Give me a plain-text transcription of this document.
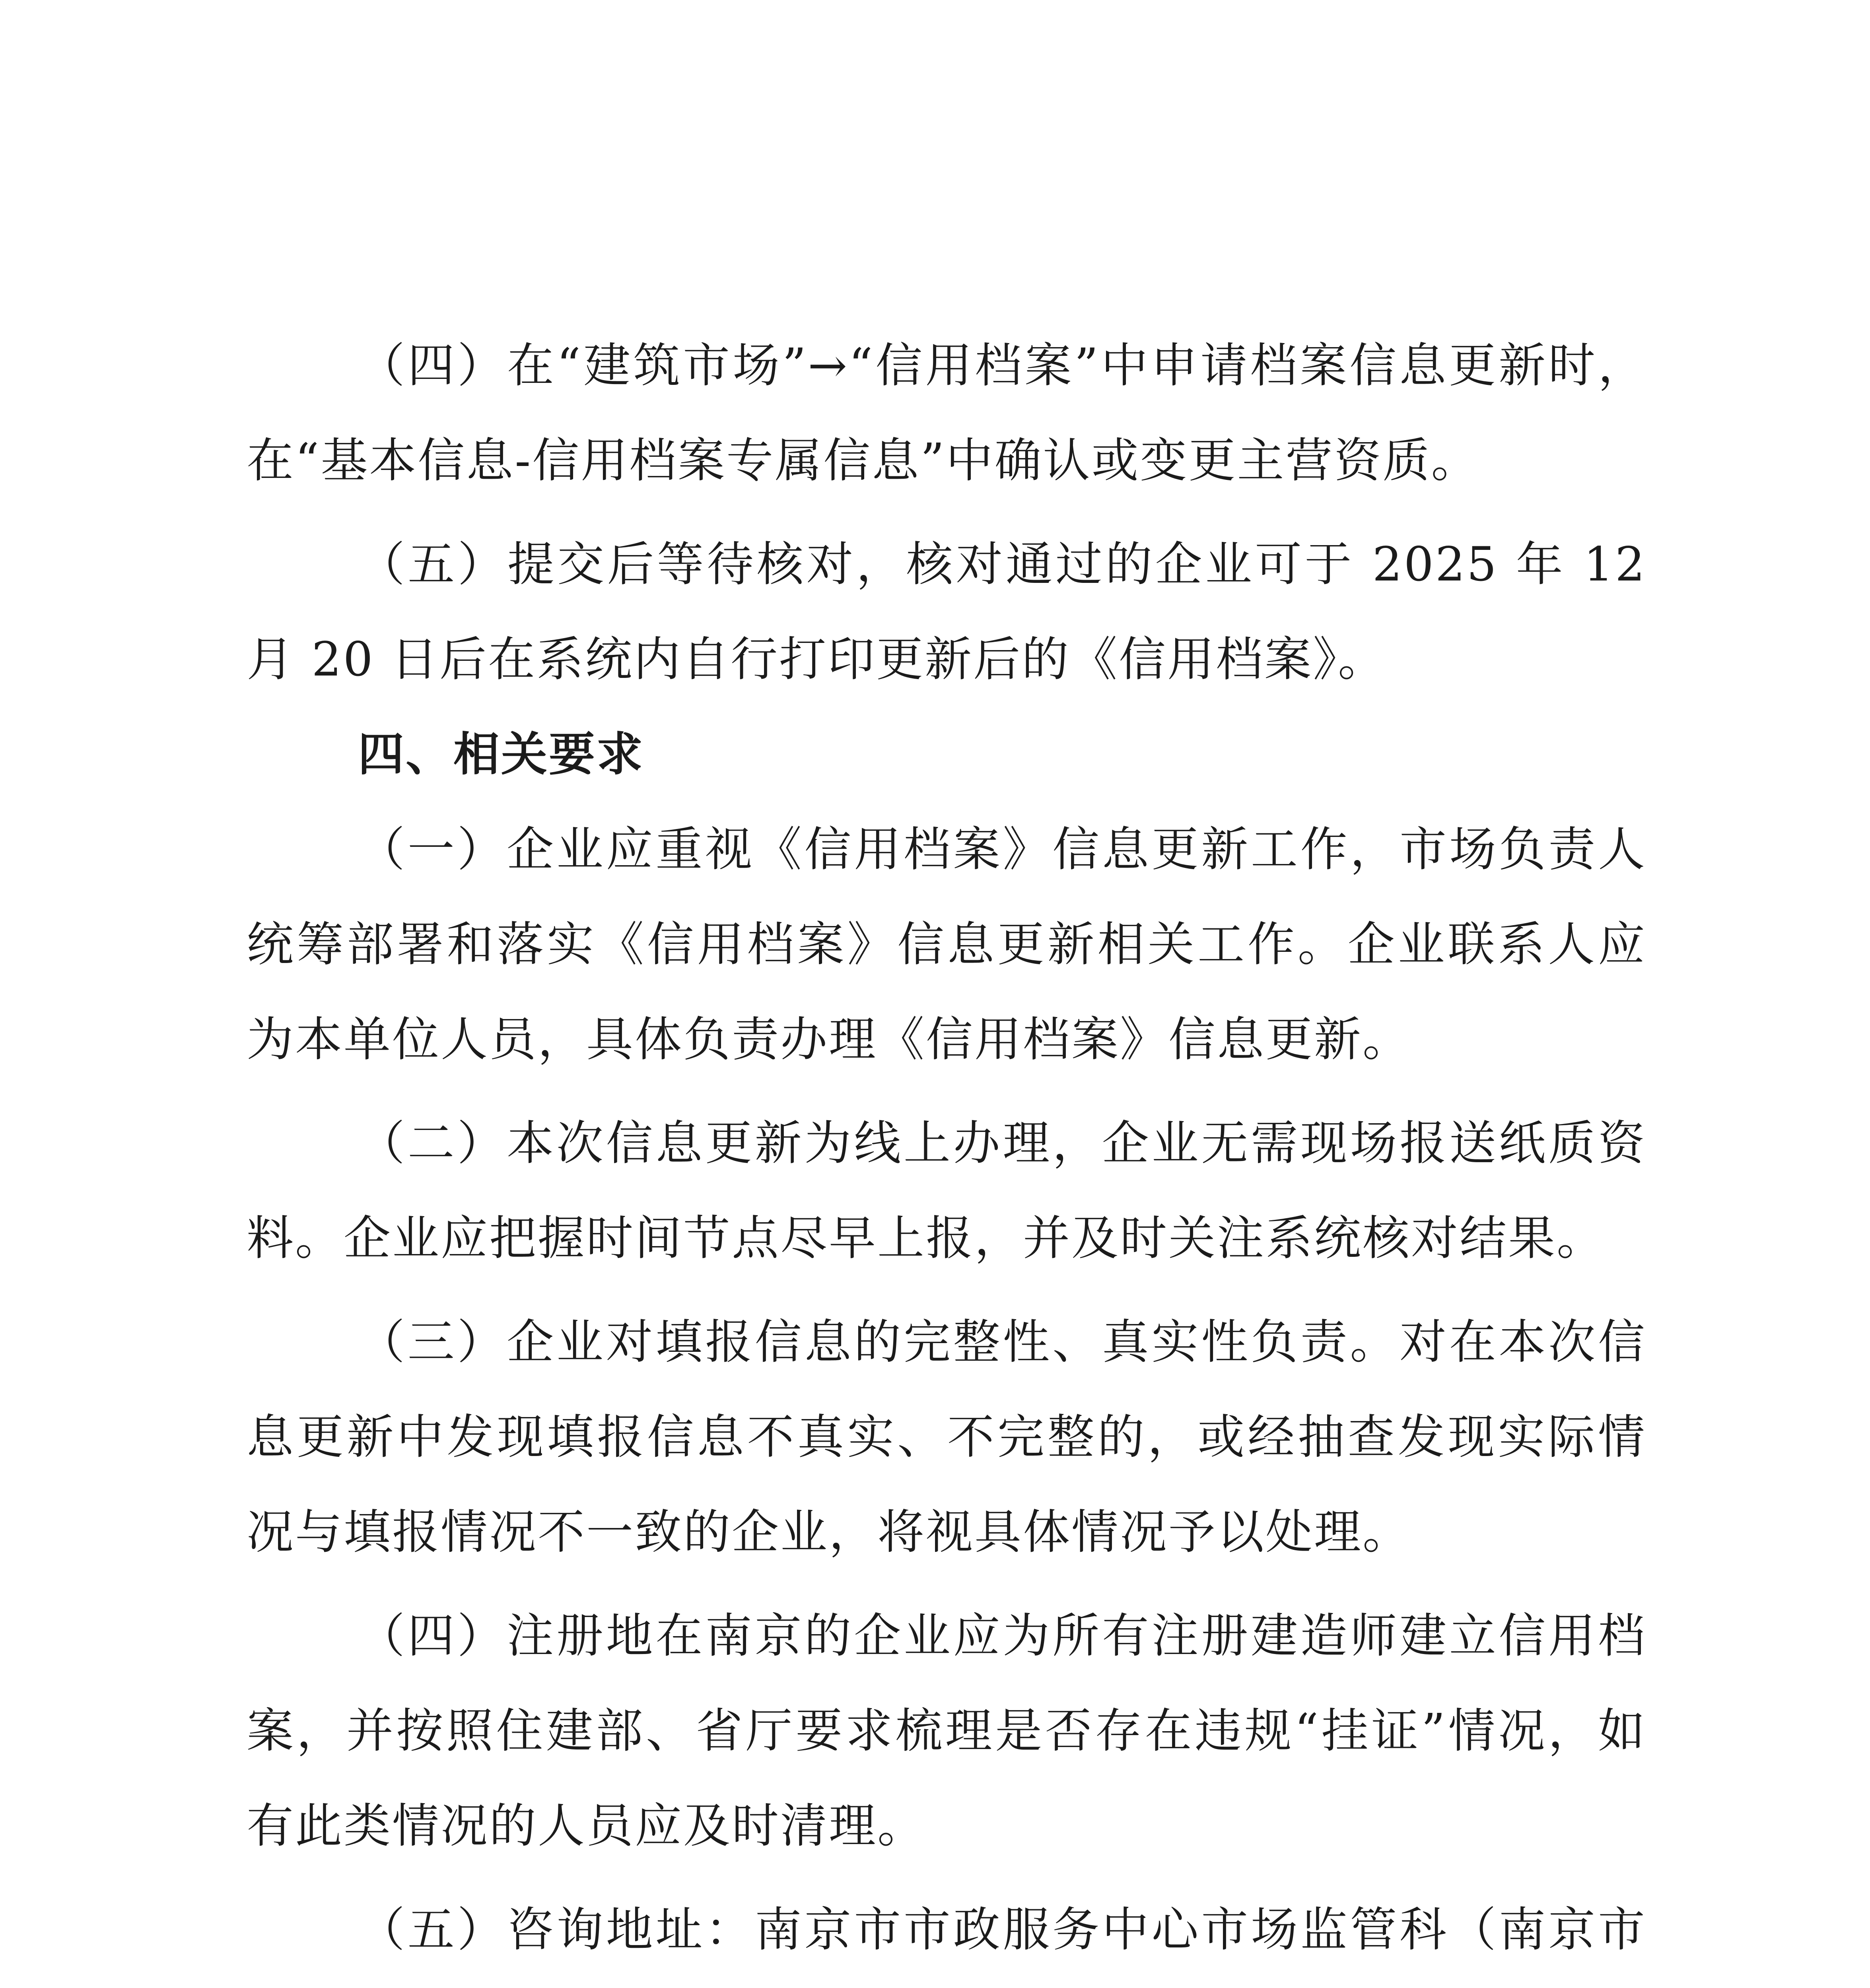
（四）在“建筑市场”→“信用档案”中申请档案信息更新时，在“基本信息-信用档案专属信息”中确认或变更主营资质。

（五）提交后等待核对，核对通过的企业可于 2025 年 12 月 20 日后在系统内自行打印更新后的《信用档案》。

四、相关要求

（一）企业应重视《信用档案》信息更新工作，市场负责人统筹部署和落实《信用档案》信息更新相关工作。企业联系人应为本单位人员，具体负责办理《信用档案》信息更新。

（二）本次信息更新为线上办理，企业无需现场报送纸质资料。企业应把握时间节点尽早上报，并及时关注系统核对结果。

（三）企业对填报信息的完整性、真实性负责。对在本次信息更新中发现填报信息不真实、不完整的，或经抽查发现实际情况与填报情况不一致的企业，将视具体情况予以处理。

（四）注册地在南京的企业应为所有注册建造师建立信用档案，并按照住建部、省厅要求梳理是否存在违规“挂证”情况，如有此类情况的人员应及时清理。

（五）咨询地址：南京市市政服务中心市场监管科（南京市
